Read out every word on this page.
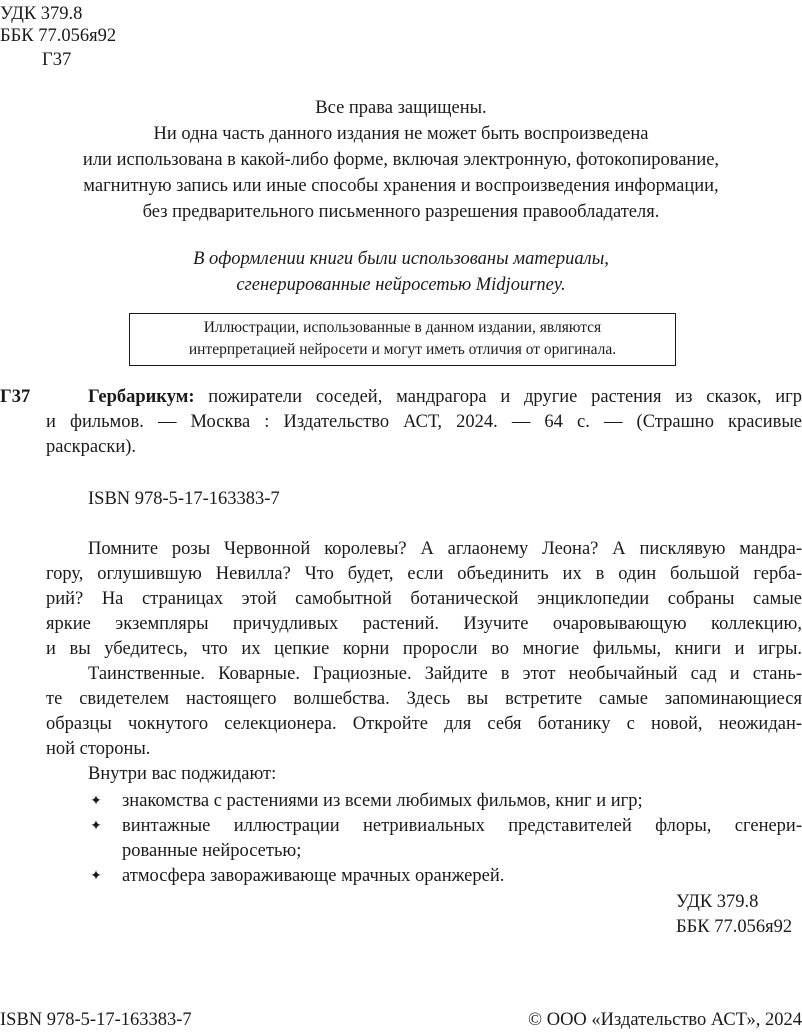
УДК 379.8
ББК 77.056я92
Г37
Все права защищены.
Ни одна часть данного издания не может быть воспроизведена
или использована в какой-либо форме, включая электронную, фотокопирование,
магнитную запись или иные способы хранения и воспроизведения информации,
без предварительного письменного разрешения правообладателя.
В оформлении книги были использованы материалы,
сгенерированные нейросетью Midjourney.
Иллюстрации, использованные в данном издании, являются
интерпретацией нейросети и могут иметь отличия от оригинала.
Г37	Гербарикум: пожиратели соседей, мандрагора и другие растения из сказок, игр
и фильмов. — Москва : Издательство АСТ, 2024. — 64 с. — (Страшно красивые
раскраски).
ISBN 978-5-17-163383-7
Помните розы Червонной королевы? А аглаонему Леона? А писклявую мандра-
гору, оглушившую Невилла? Что будет, если объединить их в один большой герба-
рий? На страницах этой самобытной ботанической энциклопедии собраны самые
яркие экземпляры причудливых растений. Изучите очаровывающую коллекцию,
и вы убедитесь, что их цепкие корни проросли во многие фильмы, книги и игры.
Таинственные. Коварные. Грациозные. Зайдите в этот необычайный сад и стань-
те свидетелем настоящего волшебства. Здесь вы встретите самые запоминающиеся
образцы чокнутого селекционера. Откройте для себя ботанику с новой, неожидан-
ной стороны.
Внутри вас поджидают:
✦ знакомства с растениями из всеми любимых фильмов, книг и игр;
✦ винтажные иллюстрации нетривиальных представителей флоры, сгенери-
рованные нейросетью;
✦ атмосфера завораживающе мрачных оранжерей.
УДК 379.8
ББК 77.056я92
ISBN 978-5-17-163383-7	© ООО «Издательство АСТ», 2024
